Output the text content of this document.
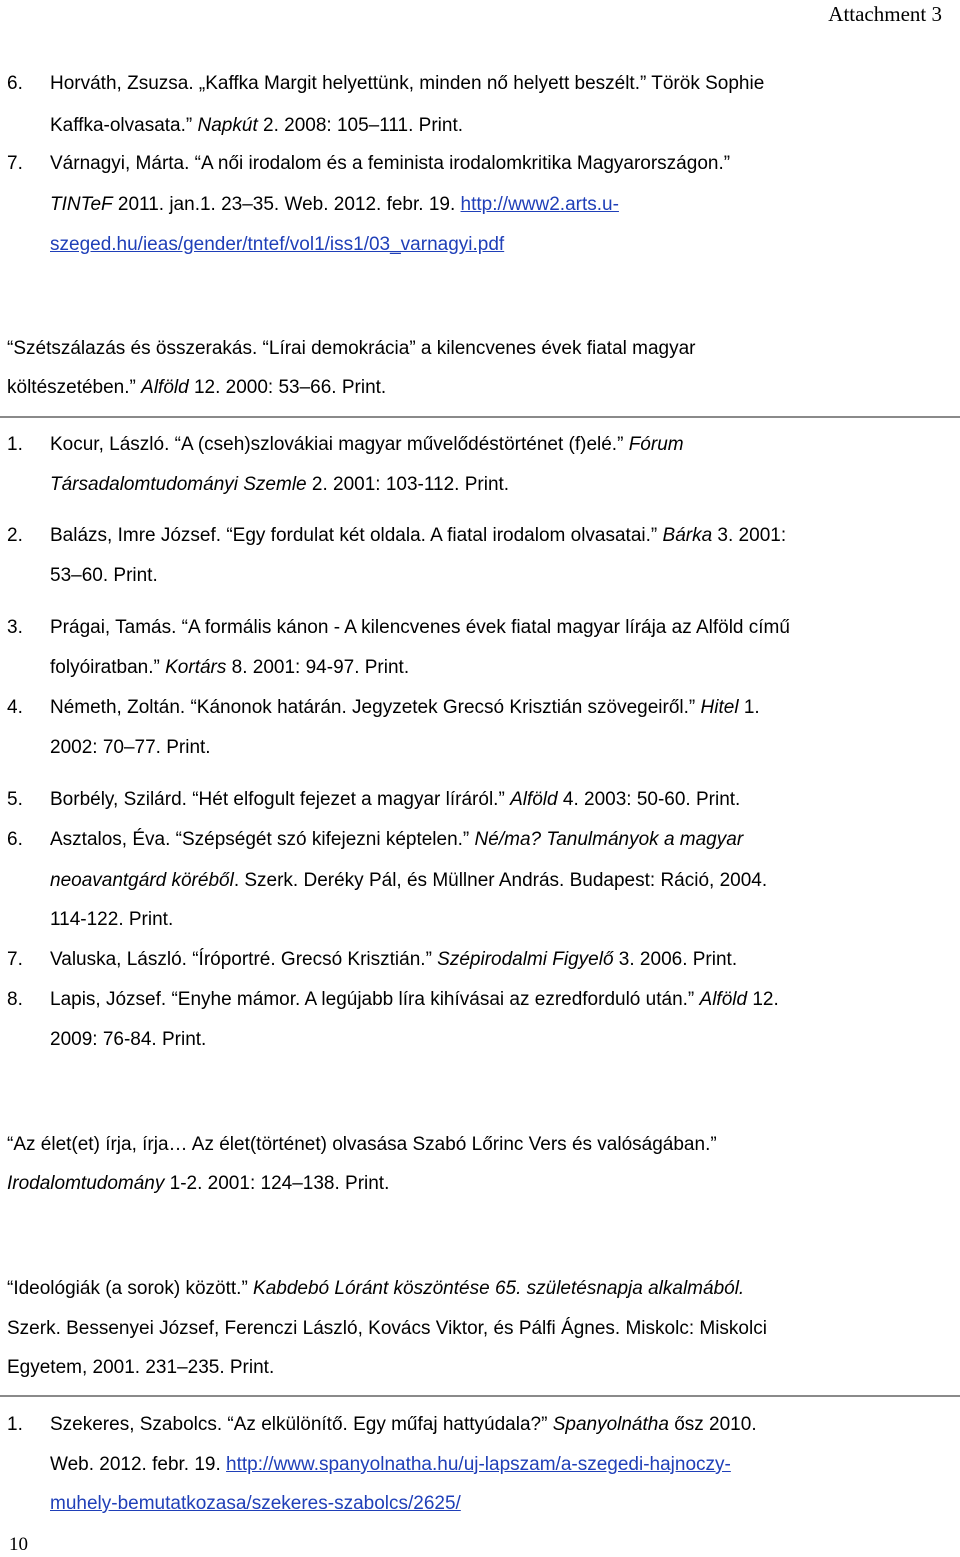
Attachment 3
6. Horváth, Zsuzsa. „Kaffka Margit helyettünk, minden nő helyett beszélt.” Török Sophie
Kaffka-olvasata.” Napkút 2. 2008: 105–111. Print.
7. Várnagyi, Márta. “A női irodalom és a feminista irodalomkritika Magyarországon.”
TINTeF 2011. jan.1. 23–35. Web. 2012. febr. 19. http://www2.arts.u-
szeged.hu/ieas/gender/tntef/vol1/iss1/03_varnagyi.pdf
“Szétszálazás és összerakás. “Lírai demokrácia” a kilencvenes évek fiatal magyar
költészetében.” Alföld 12. 2000: 53–66. Print.
1. Kocur, László. “A (cseh)szlovákiai magyar művelődéstörténet (f)elé.” Fórum
Társadalomtudományi Szemle 2. 2001: 103-112. Print.
2. Balázs, Imre József. “Egy fordulat két oldala. A fiatal irodalom olvasatai.” Bárka 3. 2001:
53–60. Print.
3. Prágai, Tamás. “A formális kánon - A kilencvenes évek fiatal magyar lírája az Alföld című
folyóiratban.” Kortárs 8. 2001: 94-97. Print.
4. Németh, Zoltán. “Kánonok határán. Jegyzetek Grecsó Krisztián szövegeiről.” Hitel 1.
2002: 70–77. Print.
5. Borbély, Szilárd. “Hét elfogult fejezet a magyar líráról.” Alföld 4. 2003: 50-60. Print.
6. Asztalos, Éva. “Szépségét szó kifejezni képtelen.” Né/ma? Tanulmányok a magyar
neoavantgárd köréből. Szerk. Deréky Pál, és Müllner András. Budapest: Ráció, 2004.
114-122. Print.
7. Valuska, László. “Íróportré. Grecsó Krisztián.” Szépirodalmi Figyelő 3. 2006. Print.
8. Lapis, József. “Enyhe mámor. A legújabb líra kihívásai az ezredforduló után.” Alföld 12.
2009: 76-84. Print.
“Az élet(et) írja, írja… Az élet(történet) olvasása Szabó Lőrinc Vers és valóságában.”
Irodalomtudomány 1-2. 2001: 124–138. Print.
“Ideológiák (a sorok) között.” Kabdebó Lóránt köszöntése 65. születésnapja alkalmából.
Szerk. Bessenyei József, Ferenczi László, Kovács Viktor, és Pálfi Ágnes. Miskolc: Miskolci
Egyetem, 2001. 231–235. Print.
1. Szekeres, Szabolcs. “Az elkülönítő. Egy műfaj hattyúdala?” Spanyolnátha ősz 2010.
Web. 2012. febr. 19. http://www.spanyolnatha.hu/uj-lapszam/a-szegedi-hajnoczy-
muhely-bemutatkozasa/szekeres-szabolcs/2625/
10
